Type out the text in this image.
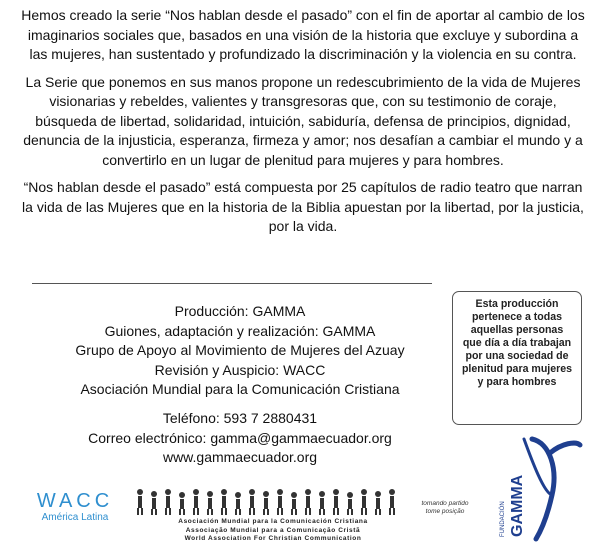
Hemos creado la serie “Nos hablan desde el pasado” con el fin de aportar al cambio de los imaginarios sociales que, basados en una visión de la historia que excluye y subordina a las mujeres, han sustentado y profundizado la discriminación y la violencia en su contra.

La Serie que ponemos en sus manos propone un redescubrimiento de la vida de Mujeres visionarias y rebeldes, valientes y transgresoras que, con su testimonio de coraje, búsqueda de libertad, solidaridad, intuición, sabiduría, defensa de principios, dignidad, denuncia de la injusticia, esperanza, firmeza y amor; nos desafían a cambiar el mundo y a convertirlo en un lugar de plenitud para mujeres y para hombres.

“Nos hablan desde el pasado” está compuesta por 25 capítulos de radio teatro que narran la vida de las Mujeres que en la historia de la Biblia apuestan por la libertad, por la justicia, por la vida.

Producción: GAMMA
Guiones, adaptación y realización: GAMMA
Grupo de Apoyo al Movimiento de Mujeres del Azuay
Revisión y Auspicio: WACC
Asociación Mundial para la Comunicación Cristiana
Teléfono: 593 7 2880431
Correo electrónico: gamma@gammaecuador.org
www.gammaecuador.org
Esta producción pertenece a todas aquellas personas que día a día trabajan por una sociedad de plenitud para mujeres y para hombres
WACC
América Latina	Asociación Mundial para la Comunicación Cristiana
Associação Mundial para a Comunicação Cristã
World Association For Christian Communication
tomando partido
tome posição	FUNDACIÓN GAMMA
